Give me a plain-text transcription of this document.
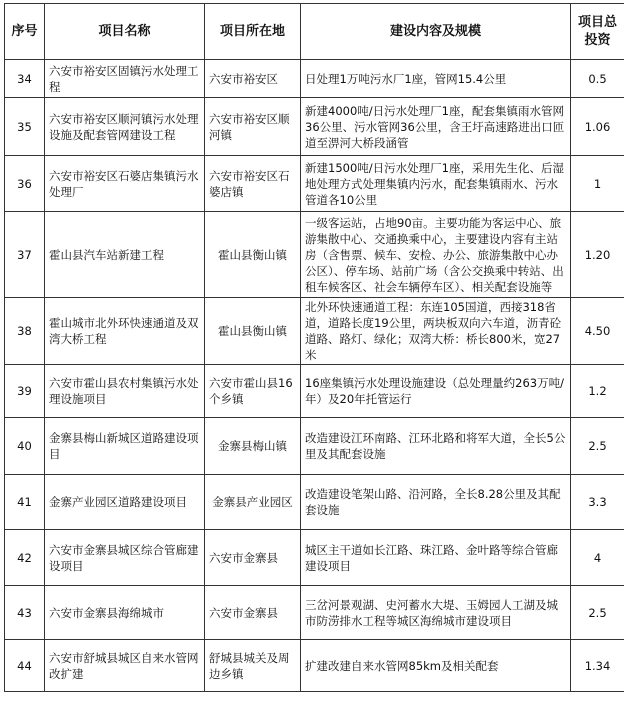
序号	项目名称	项目所在地	建设内容及规模	项目总投资
34	六安市裕安区固镇污水处理工程	六安市裕安区	日处理1万吨污水厂1座，管网15.4公里	0.5
35	六安市裕安区顺河镇污水处理设施及配套管网建设工程	六安市裕安区顺河镇	新建4000吨/日污水处理厂1座，配套集镇雨水管网36公里、污水管网36公里，含王圩高速路进出口匝道至淠河大桥段涵管	1.06
36	六安市裕安区石婆店集镇污水处理厂	六安市裕安区石婆店镇	新建1500吨/日污水处理厂1座，采用先生化、后湿地处理方式处理集镇内污水，配套集镇雨水、污水管道各10公里	1
37	霍山县汽车站新建工程	霍山县衡山镇	一级客运站，占地90亩。主要功能为客运中心、旅游集散中心、交通换乘中心，主要建设内容有主站房（含售票、候车、安检、办公、旅游集散中心办公区）、停车场、站前广场（含公交换乘中转站、出租车候客区、社会车辆停车区）、相关配套设施等	1.20
38	霍山城市北外环快速通道及双湾大桥工程	霍山县衡山镇	北外环快速通道工程：东连105国道，西接318省道，道路长度19公里，两块板双向六车道，沥青砼道路、路灯、绿化；双湾大桥：桥长800米，宽27米	4.50
39	六安市霍山县农村集镇污水处理设施项目	六安市霍山县16个乡镇	16座集镇污水处理设施建设（总处理量约263万吨/年）及20年托管运行	1.2
40	金寨县梅山新城区道路建设项目	金寨县梅山镇	改造建设江环南路、江环北路和将军大道，全长5公里及其配套设施	2.5
41	金寨产业园区道路建设项目	金寨县产业园区	改造建设笔架山路、沿河路，全长8.28公里及其配套设施	3.3
42	六安市金寨县城区综合管廊建设项目	六安市金寨县	城区主干道如长江路、珠江路、金叶路等综合管廊建设项目	4
43	六安市金寨县海绵城市	六安市金寨县	三岔河景观湖、史河蓄水大堤、玉姆园人工湖及城市防涝排水工程等城区海绵城市建设项目	2.5
44	六安市舒城县城区自来水管网改扩建	舒城县城关及周边乡镇	扩建改建自来水管网85km及相关配套	1.34
